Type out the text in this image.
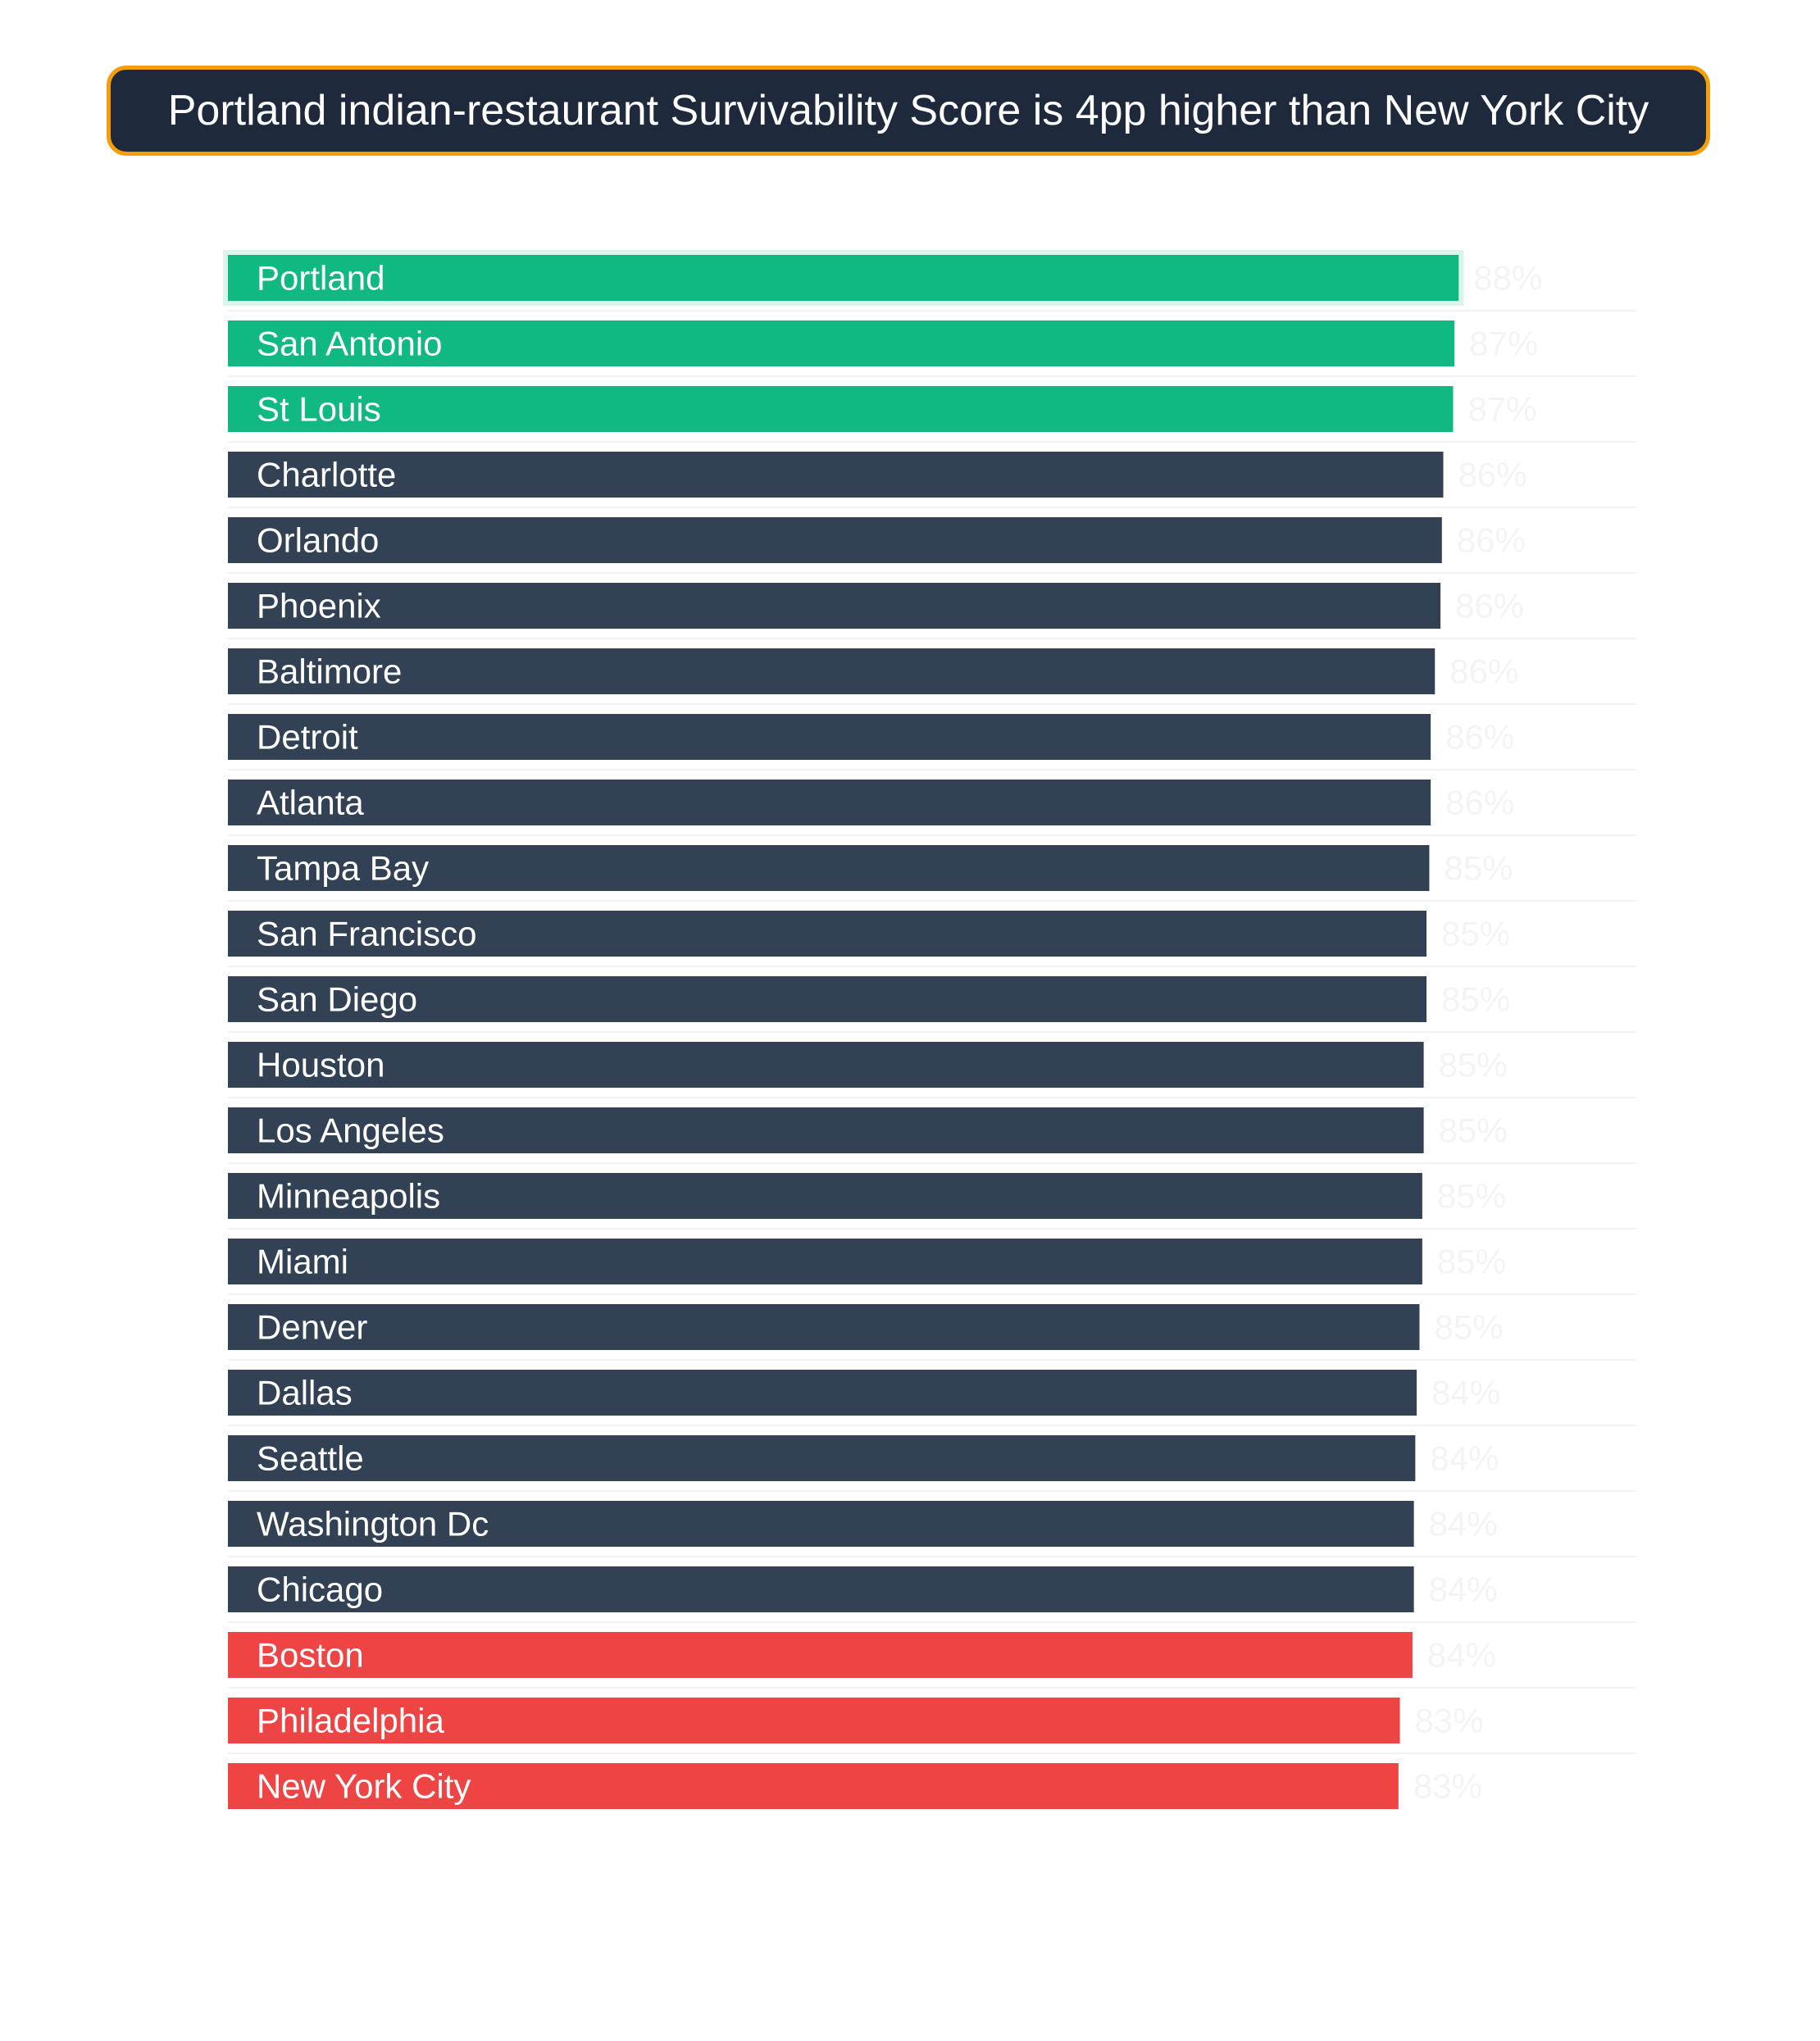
Portland indian-restaurant Survivability Score is 4pp higher than New York City
Portland	88%
San Antonio	87%
St Louis	87%
Charlotte	86%
Orlando	86%
Phoenix	86%
Baltimore	86%
Detroit	86%
Atlanta	86%
Tampa Bay	85%
San Francisco	85%
San Diego	85%
Houston	85%
Los Angeles	85%
Minneapolis	85%
Miami	85%
Denver	85%
Dallas	84%
Seattle	84%
Washington Dc	84%
Chicago	84%
Boston	84%
Philadelphia	83%
New York City	83%
